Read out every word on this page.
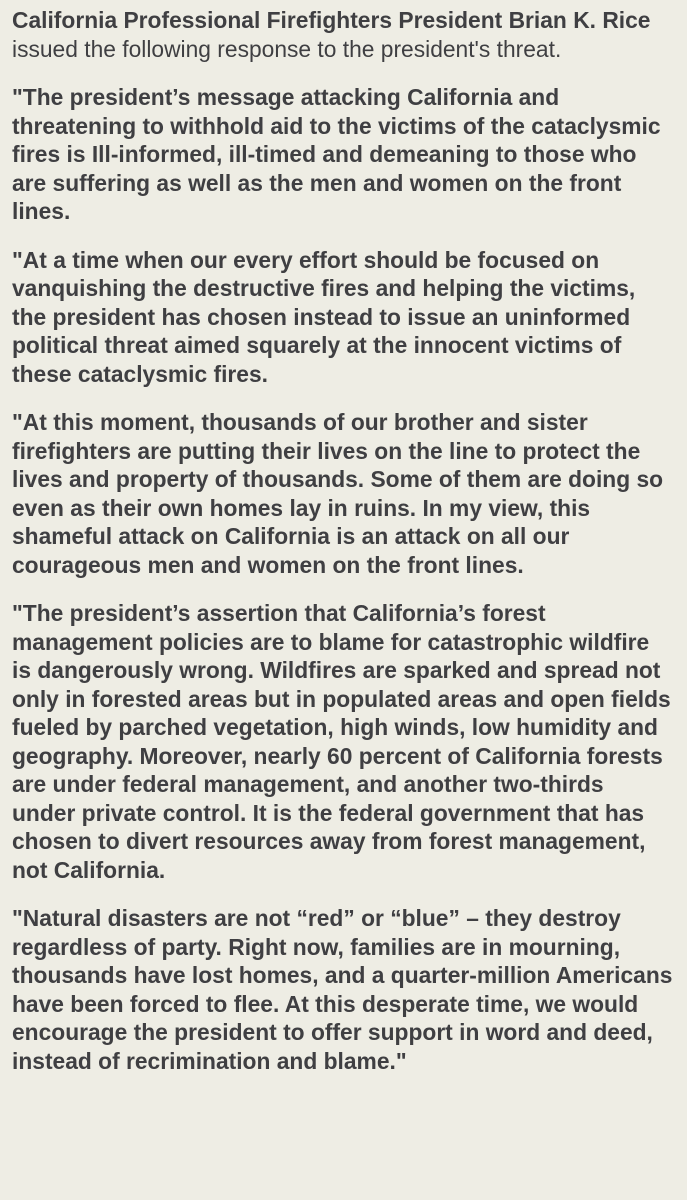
California Professional Firefighters President Brian K. Rice issued the following response to the president's threat.

"The president’s message attacking California and threatening to withhold aid to the victims of the cataclysmic fires is Ill-informed, ill-timed and demeaning to those who are suffering as well as the men and women on the front lines.

"At a time when our every effort should be focused on vanquishing the destructive fires and helping the victims, the president has chosen instead to issue an uninformed political threat aimed squarely at the innocent victims of these cataclysmic fires.

"At this moment, thousands of our brother and sister firefighters are putting their lives on the line to protect the lives and property of thousands. Some of them are doing so even as their own homes lay in ruins. In my view, this shameful attack on California is an attack on all our courageous men and women on the front lines.

"The president’s assertion that California’s forest management policies are to blame for catastrophic wildfire is dangerously wrong. Wildfires are sparked and spread not only in forested areas but in populated areas and open fields fueled by parched vegetation, high winds, low humidity and geography. Moreover, nearly 60 percent of California forests are under federal management, and another two-thirds under private control. It is the federal government that has chosen to divert resources away from forest management, not California.

"Natural disasters are not “red” or “blue” – they destroy regardless of party. Right now, families are in mourning, thousands have lost homes, and a quarter-million Americans have been forced to flee. At this desperate time, we would encourage the president to offer support in word and deed, instead of recrimination and blame."
